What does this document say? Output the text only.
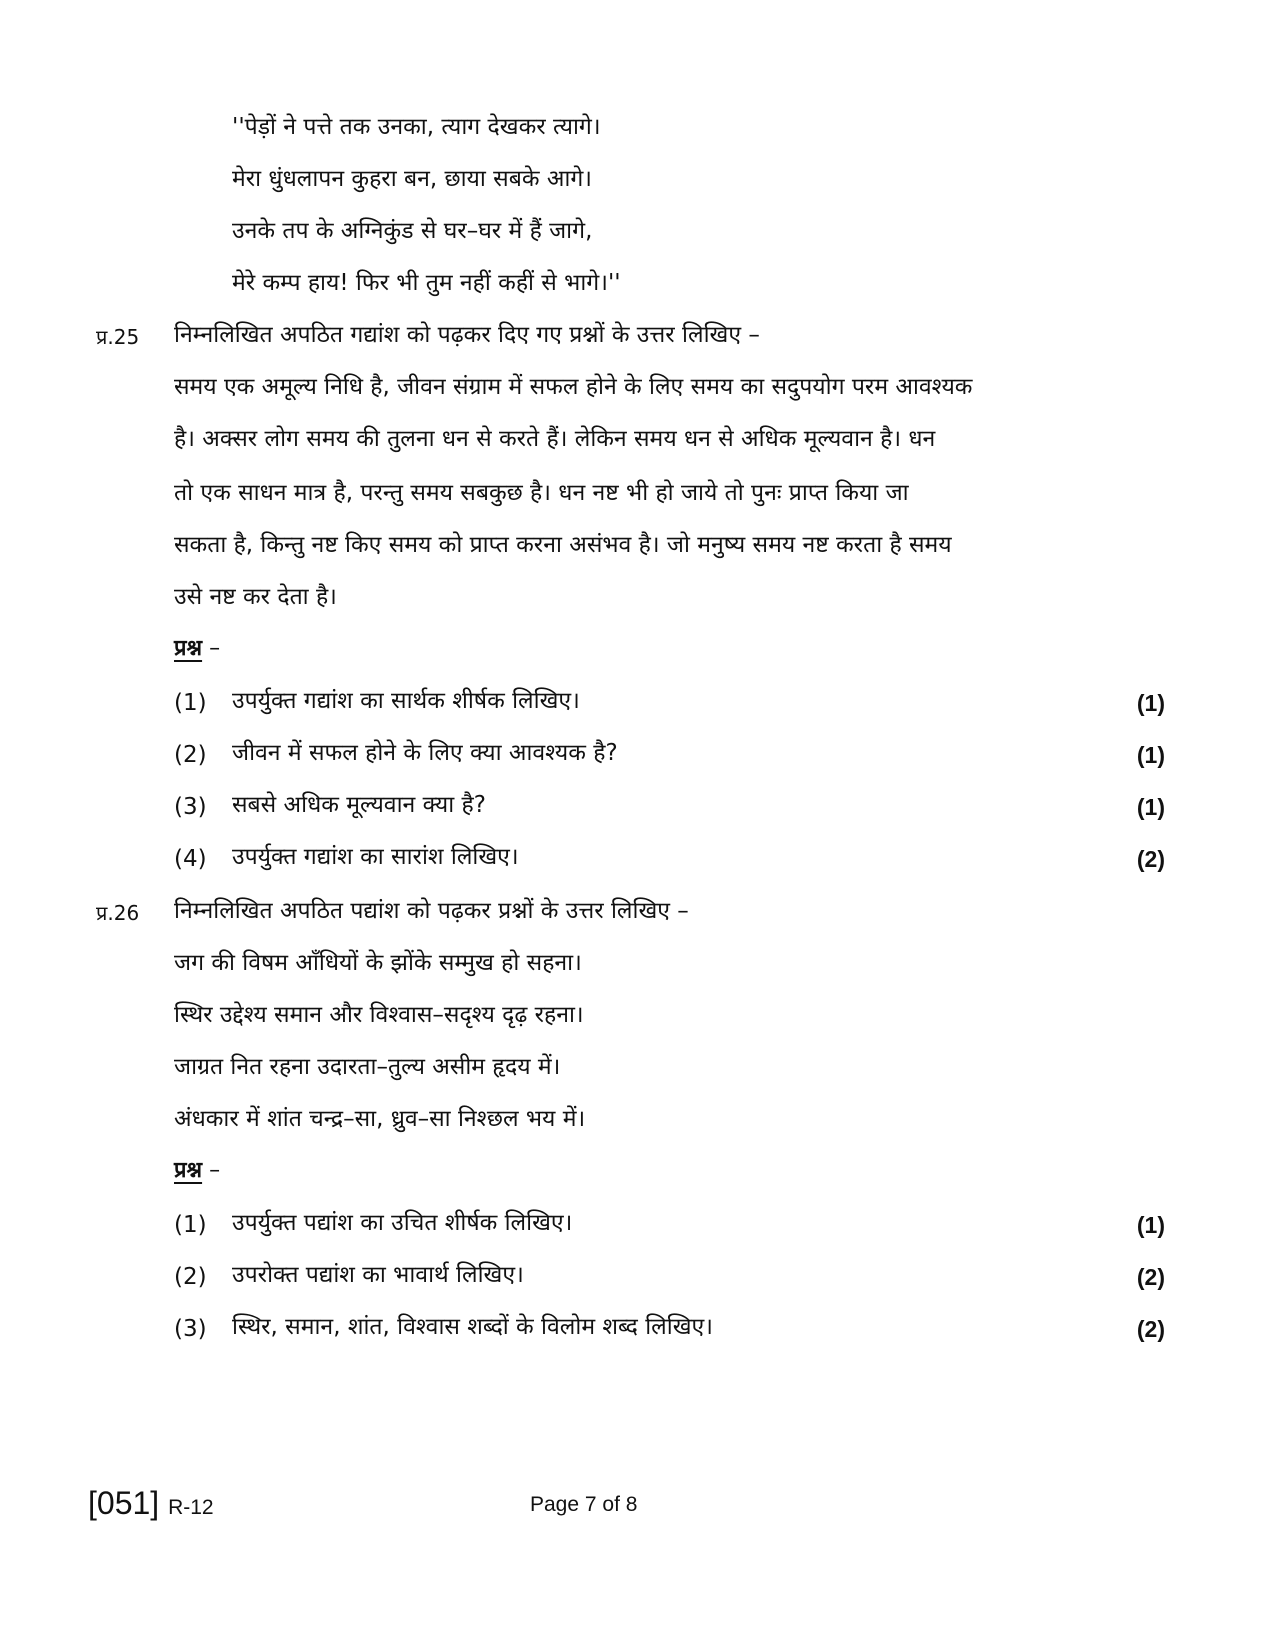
''पेड़ों ने पत्ते तक उनका, त्याग देखकर त्यागे।
मेरा धुंधलापन कुहरा बन, छाया सबके आगे।
उनके तप के अग्निकुंड से घर–घर में हैं जागे,
मेरे कम्प हाय! फिर भी तुम नहीं कहीं से भागे।''
प्र.25 निम्नलिखित अपठित गद्यांश को पढ़कर दिए गए प्रश्नों के उत्तर लिखिए –
समय एक अमूल्य निधि है, जीवन संग्राम में सफल होने के लिए समय का सदुपयोग परम आवश्यक
है। अक्सर लोग समय की तुलना धन से करते हैं। लेकिन समय धन से अधिक मूल्यवान है। धन
तो एक साधन मात्र है, परन्तु समय सबकुछ है। धन नष्ट भी हो जाये तो पुनः प्राप्त किया जा
सकता है, किन्तु नष्ट किए समय को प्राप्त करना असंभव है। जो मनुष्य समय नष्ट करता है समय
उसे नष्ट कर देता है।
प्रश्न –
(1) उपर्युक्त गद्यांश का सार्थक शीर्षक लिखिए।	(1)
(2) जीवन में सफल होने के लिए क्या आवश्यक है?	(1)
(3) सबसे अधिक मूल्यवान क्या है?	(1)
(4) उपर्युक्त गद्यांश का सारांश लिखिए।	(2)
प्र.26 निम्नलिखित अपठित पद्यांश को पढ़कर प्रश्नों के उत्तर लिखिए –
जग की विषम आँधियों के झोंके सम्मुख हो सहना।
स्थिर उद्देश्य समान और विश्वास–सदृश्य दृढ़ रहना।
जाग्रत नित रहना उदारता–तुल्य असीम हृदय में।
अंधकार में शांत चन्द्र–सा, ध्रुव–सा निश्छल भय में।
प्रश्न –
(1) उपर्युक्त पद्यांश का उचित शीर्षक लिखिए।	(1)
(2) उपरोक्त पद्यांश का भावार्थ लिखिए।	(2)
(3) स्थिर, समान, शांत, विश्वास शब्दों के विलोम शब्द लिखिए।	(2)
[051] R-12	Page 7 of 8
